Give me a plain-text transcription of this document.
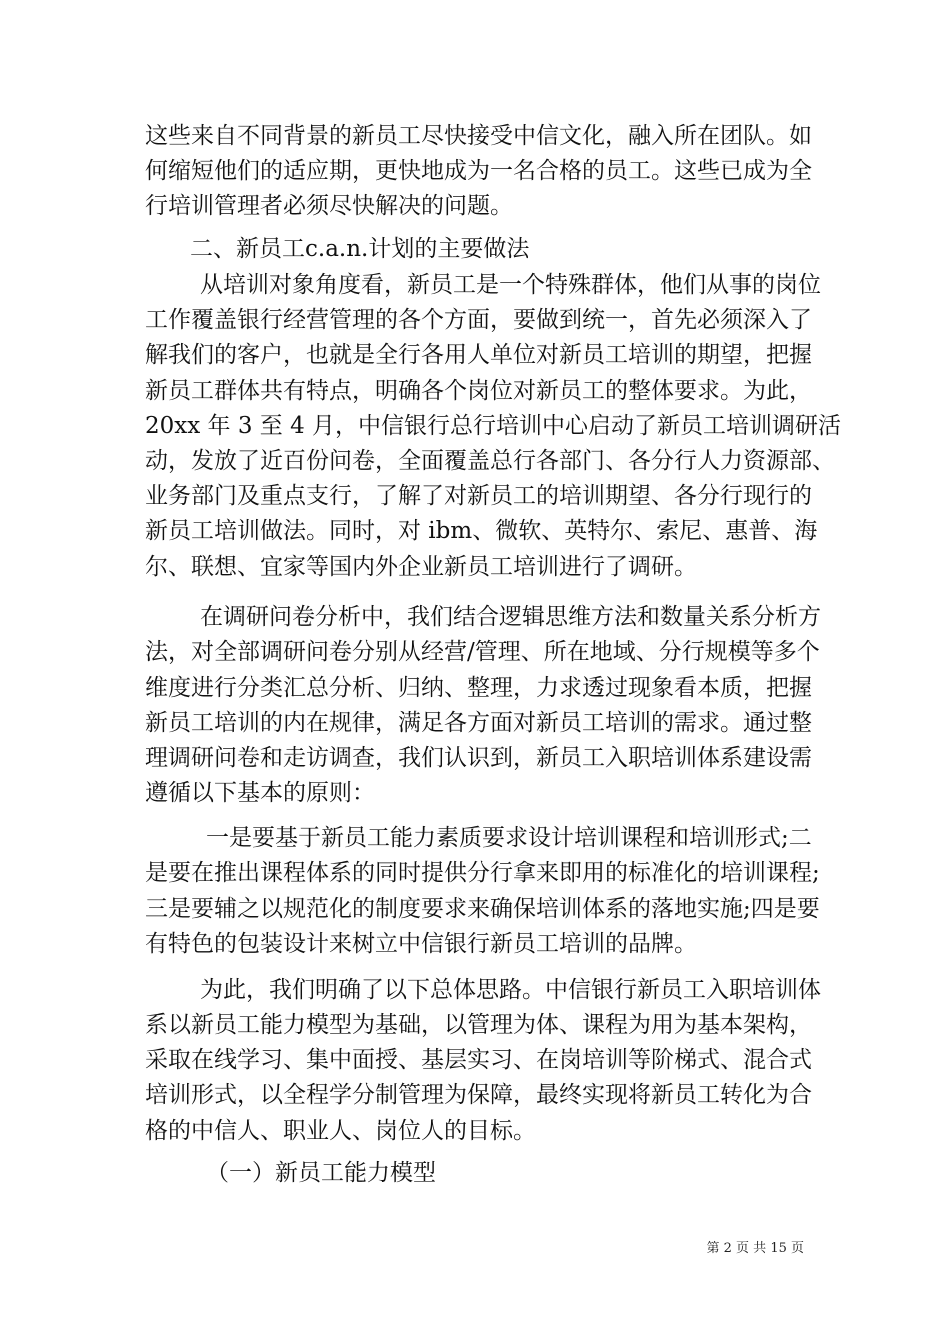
这些来自不同背景的新员工尽快接受中信文化，融入所在团队。如
何缩短他们的适应期，更快地成为一名合格的员工。这些已成为全
行培训管理者必须尽快解决的问题。
二、新员工c.a.n.计划的主要做法
从培训对象角度看，新员工是一个特殊群体，他们从事的岗位
工作覆盖银行经营管理的各个方面，要做到统一，首先必须深入了
解我们的客户，也就是全行各用人单位对新员工培训的期望，把握
新员工群体共有特点，明确各个岗位对新员工的整体要求。为此，
20xx 年 3 至 4 月，中信银行总行培训中心启动了新员工培训调研活
动，发放了近百份问卷，全面覆盖总行各部门、各分行人力资源部、
业务部门及重点支行，了解了对新员工的培训期望、各分行现行的
新员工培训做法。同时，对 ibm、微软、英特尔、索尼、惠普、海
尔、联想、宜家等国内外企业新员工培训进行了调研。
在调研问卷分析中，我们结合逻辑思维方法和数量关系分析方
法，对全部调研问卷分别从经营/管理、所在地域、分行规模等多个
维度进行分类汇总分析、归纳、整理，力求透过现象看本质，把握
新员工培训的内在规律，满足各方面对新员工培训的需求。通过整
理调研问卷和走访调查，我们认识到，新员工入职培训体系建设需
遵循以下基本的原则：
一是要基于新员工能力素质要求设计培训课程和培训形式;二
是要在推出课程体系的同时提供分行拿来即用的标准化的培训课程;
三是要辅之以规范化的制度要求来确保培训体系的落地实施;四是要
有特色的包装设计来树立中信银行新员工培训的品牌。
为此，我们明确了以下总体思路。中信银行新员工入职培训体
系以新员工能力模型为基础，以管理为体、课程为用为基本架构，
采取在线学习、集中面授、基层实习、在岗培训等阶梯式、混合式
培训形式，以全程学分制管理为保障，最终实现将新员工转化为合
格的中信人、职业人、岗位人的目标。
（一）新员工能力模型
第 2 页 共 15 页
